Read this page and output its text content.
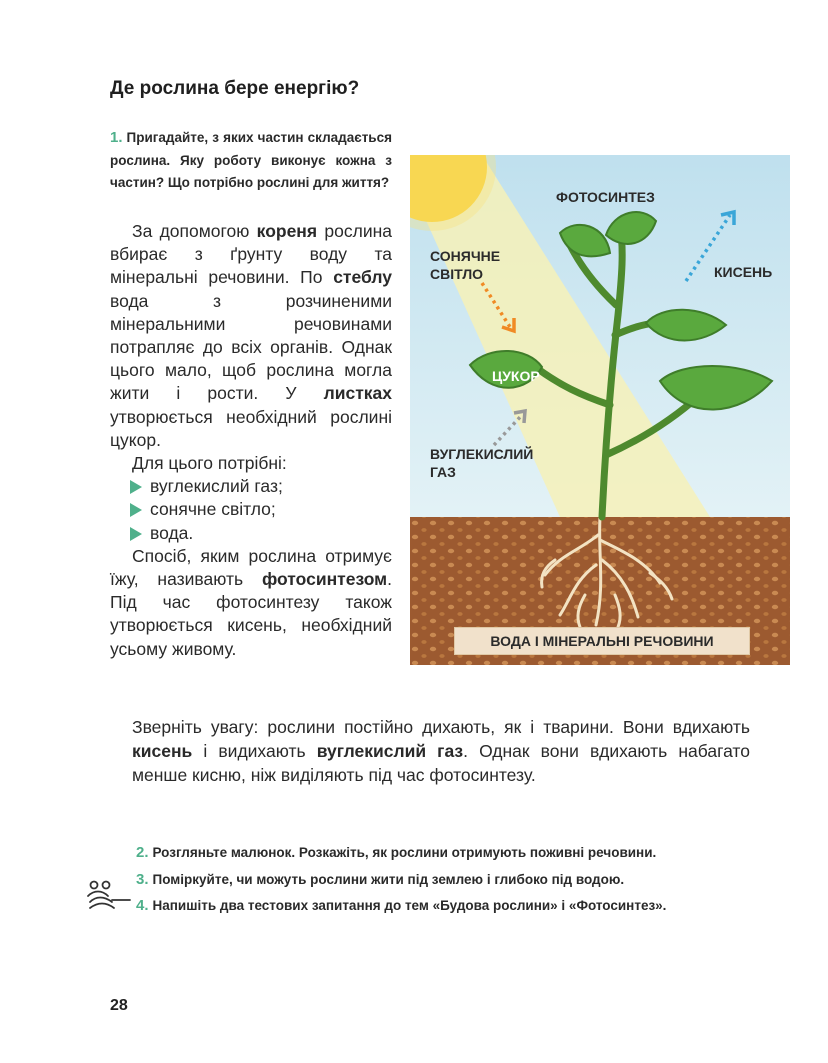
Де рослина бере енергію?
1. Пригадайте, з яких частин складається рослина. Яку роботу виконує кожна з частин? Що потрібно рослині для життя?

За допомогою кореня рослина вбирає з ґрунту воду та мінеральні речовини. По стеблу вода з розчиненими мінеральними речовинами потрапляє до всіх органів. Однак цього мало, щоб рослина могла жити і рости. У листках утворюється необхідний рослині цукор.

Для цього потрібні:

вуглекислий газ;
сонячне світло;
вода.

Спосіб, яким рослина отримує їжу, називають фотосинтезом. Під час фотосинтезу також утворюється кисень, необхідний усьому живому.

ФОТОСИНТЕЗ
СОНЯЧНЕ
СВІТЛО	КИСЕНЬ
ЦУКОР
ВУГЛЕКИСЛИЙ
ГАЗ
ВОДА І МІНЕРАЛЬНІ РЕЧОВИНИ
Зверніть увагу: рослини постійно дихають, як і тварини. Вони вдихають кисень і видихають вуглекислий газ. Однак вони вдихають набагато менше кисню, ніж виділяють під час фотосинтезу.
2. Розгляньте малюнок. Розкажіть, як рослини отримують поживні речовини.
3. Поміркуйте, чи можуть рослини жити під землею і глибоко під водою.
4. Напишіть два тестових запитання до тем «Будова рослини» і «Фотосинтез».
28
